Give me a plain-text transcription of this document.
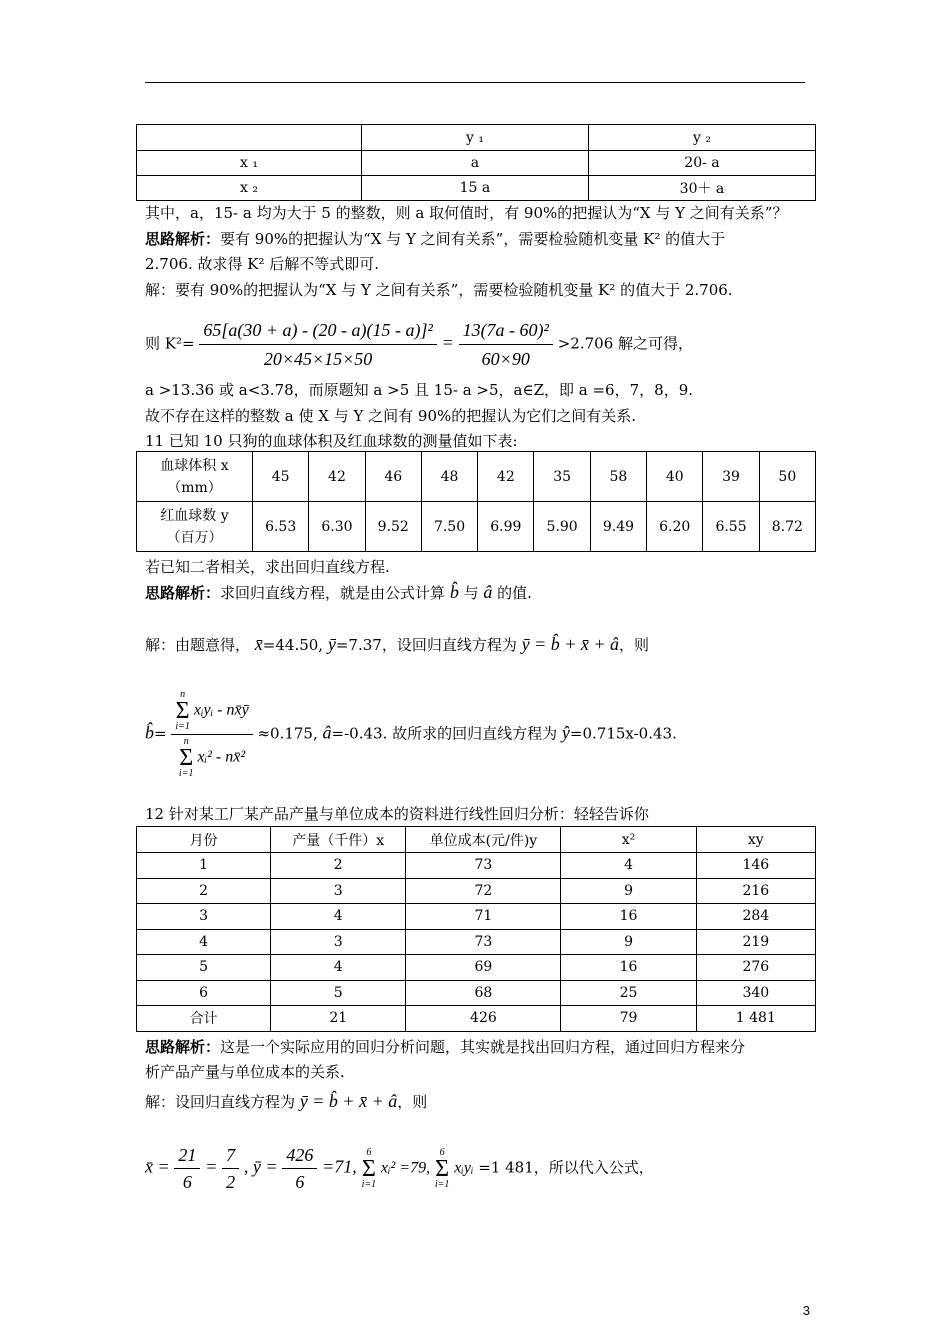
	y ₁	y ₂
x ₁	a	20- a
x ₂	15 a	30＋ a
其中，a，15- a 均为大于 5 的整数，则 a 取何值时，有 90%的把握认为“X 与 Y 之间有关系”？
思路解析：要有 90%的把握认为“X 与 Y 之间有关系”，需要检验随机变量 K² 的值大于
2.706. 故求得 K² 后解不等式即可.
解：要有 90%的把握认为“X 与 Y 之间有关系”，需要检验随机变量 K² 的值大于 2.706.
则 $K^2= \frac{\text{65[a(30 + a) - (20 - a)(15 - a)]²}}{20\times 45\times 15\times 50} = \frac{\text{13(7a - 60)²}}{60\times 90} >2.706$ 解之可得，
a >13.36 或 a<3.78，而原题知 a >5 且 15- a >5，a∈Z，即 a =6，7，8，9.
故不存在这样的整数 a 使 X 与 Y 之间有 90%的把握认为它们之间有关系.
11 已知 10 只狗的血球体积及红血球数的测量值如下表:
血球体积 x
（mm）	45	42	46	48	42	35	58	40	39	50

红血球数 y
（百万）	6.53	6.30	9.52	7.50	6.99	5.90	9.49	6.20	6.55	8.72
若已知二者相关，求出回归直线方程.
思路解析：求回归直线方程，就是由公式计算 b̂ 与 â 的值.
解：由题意得， x̄=44.50, ȳ=7.37，设回归直线方程为 ȳ = b̂ + x̄ + â，则
b̂= n
Σ
i=1 xᵢyᵢ - nx̄ȳ
n
Σ
i=1 xᵢ² - nx̄² ≈0.175, â=-0.43. 故所求的回归直线方程为 ŷ=0.715x-0.43.
12 针对某工厂某产品产量与单位成本的资料进行线性回归分析：轻轻告诉你
月份	产量（千件）x	单位成本(元/件)y	x²	xy
1	2	73	4	146
2	3	72	9	216
3	4	71	16	284
4	3	73	9	219
5	4	69	16	276
6	5	68	25	340
合计	21	426	79	1 481
思路解析：这是一个实际应用的回归分析问题，其实就是找出回归方程，通过回归方程来分
析产品产量与单位成本的关系.
解：设回归直线方程为 ȳ = b̂ + x̄ + â，则
x̄ = $\frac{21}{6} = \frac{7}{2}$ , ȳ = $\frac{426}{6} =71$, 6
Σ
i=1 xᵢ² =79, 6
Σ
i=1 xᵢyᵢ =1 481，所以代入公式，
3
